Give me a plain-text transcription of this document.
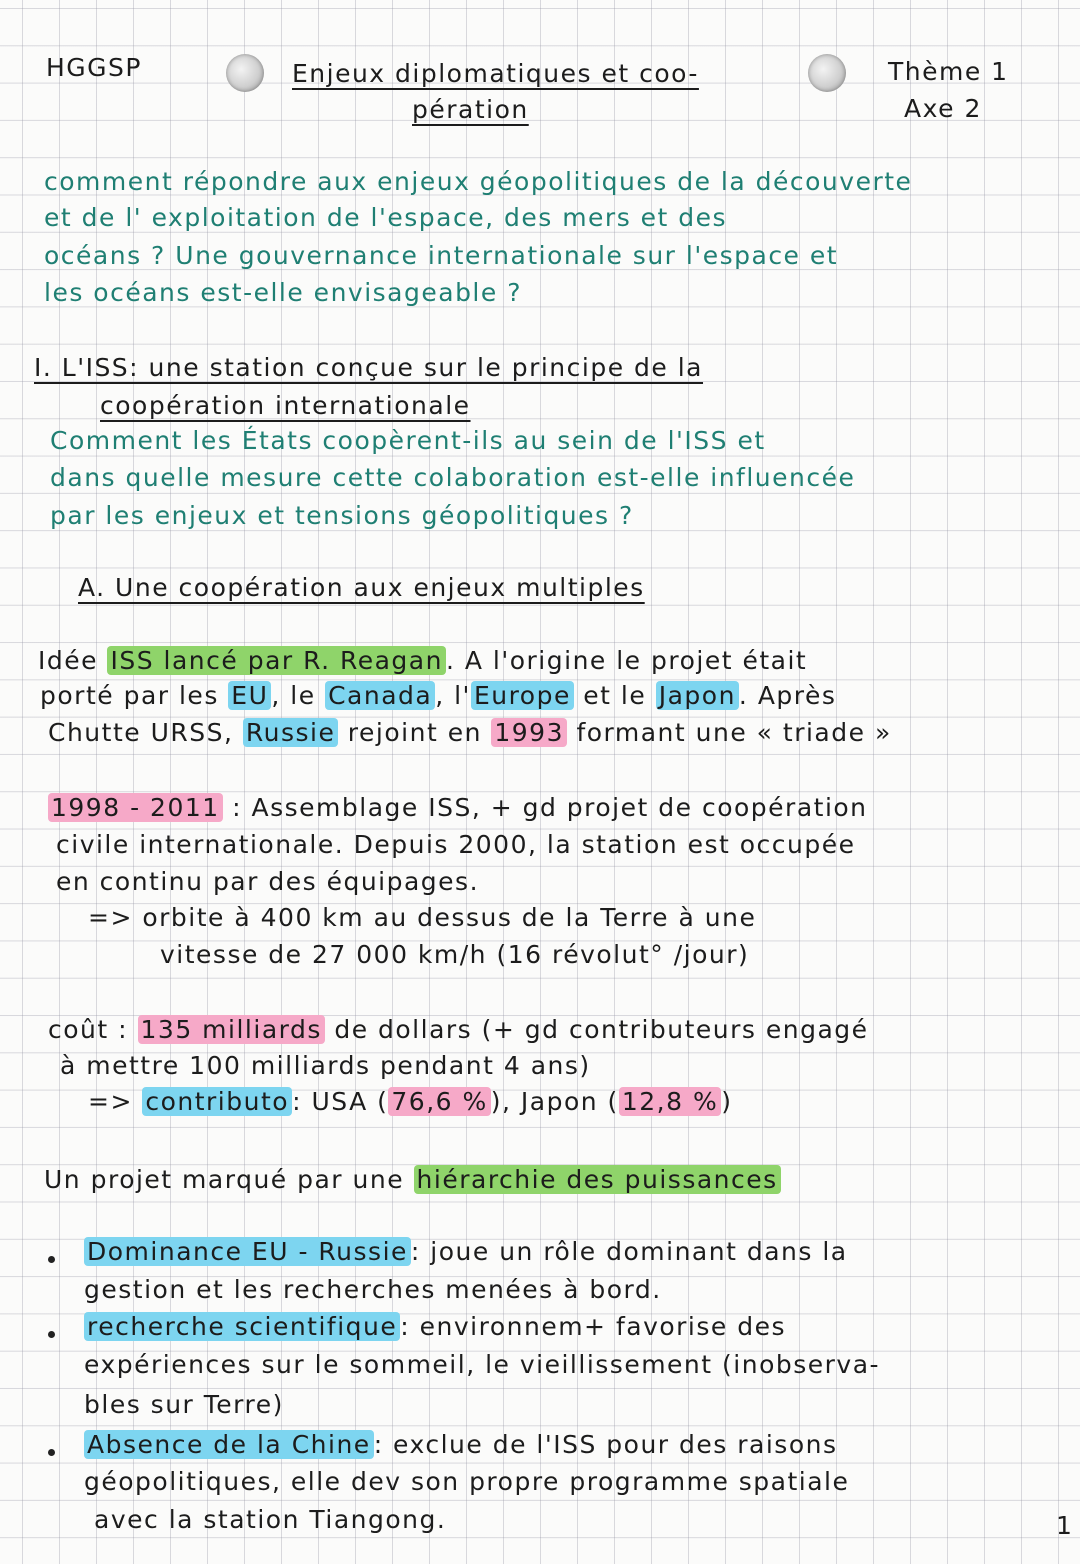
HGGSP	Enjeux diplomatiques et coo-
pération
Thème 1
Axe 2
comment répondre aux enjeux géopolitiques de la découverte
et de l' exploitation de l'espace, des mers et des
océans ? Une gouvernance internationale sur l'espace et
les océans est-elle envisageable ?
I. L'ISS: une station conçue sur le principe de la
coopération internationale
Comment les États coopèrent-ils au sein de l'ISS et
dans quelle mesure cette colaboration est-elle influencée
par les enjeux et tensions géopolitiques ?
A. Une coopération aux enjeux multiples
Idée ISS lancé par R. Reagan . A l'origine le projet était
porté par les EU , le Canada , l' Europe et le Japon . Après
Chutte URSS, Russie rejoint en 1993 formant une « triade »
1998 - 2011 : Assemblage ISS, + gd projet de coopération
civile internationale. Depuis 2000, la station est occupée
en continu par des équipages.
=> orbite à 400 km au dessus de la Terre à une
vitesse de 27 000 km/h (16 révolut° /jour)
coût : 135 milliards de dollars (+ gd contributeurs engagé
à mettre 100 milliards pendant 4 ans)
=> contributo : USA ( 76,6 % ), Japon ( 12,8 % )
Un projet marqué par une hiérarchie des puissances
Dominance EU - Russie : joue un rôle dominant dans la
gestion et les recherches menées à bord.
recherche scientifique : environnem+ favorise des
expériences sur le sommeil, le vieillissement (inobserva-
bles sur Terre)
Absence de la Chine : exclue de l'ISS pour des raisons
géopolitiques, elle dev son propre programme spatiale
avec la station Tiangong.	1
